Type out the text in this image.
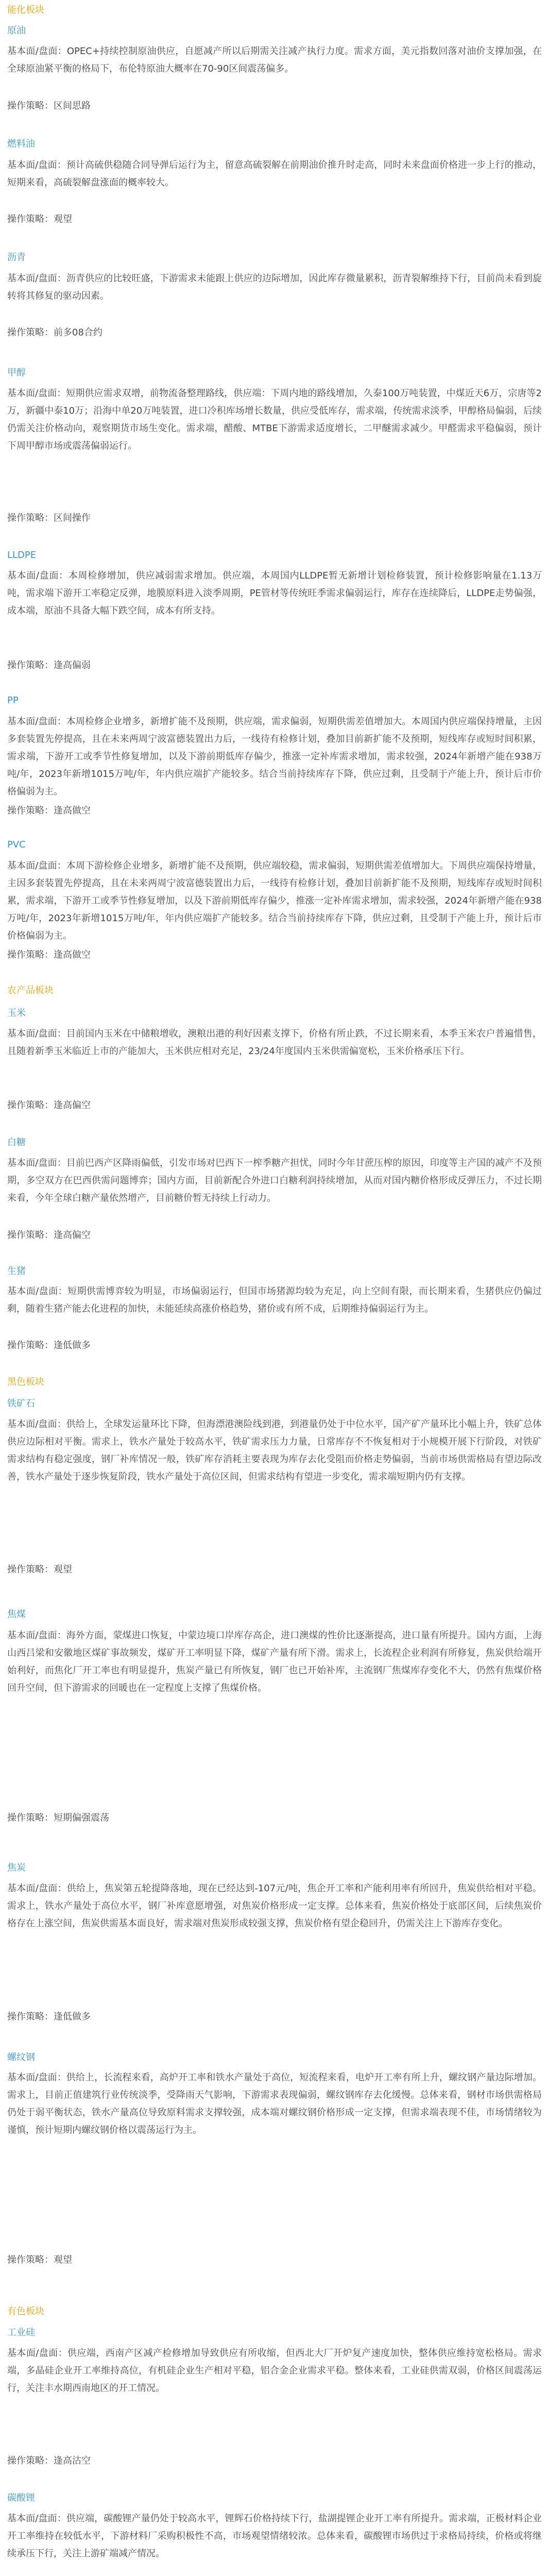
能化板块
原油
基本面/盘面：OPEC+持续控制原油供应，自愿减产所以后期需关注减产执行力度。需求方面，美元指数回落对油价支撑加强，在全球原油紧平衡的格局下，布伦特原油大概率在70-90区间震荡偏多。
操作策略：区间思路
燃料油
基本面/盘面：预计高硫供稳随合同导弹后运行为主，留意高硫裂解在前期油价推升时走高，同时未来盘面价格进一步上行的推动，短期来看，高硫裂解盘涨面的概率较大。
操作策略：观望
沥青
基本面/盘面：沥青供应的比较旺盛，下游需求未能跟上供应的边际增加，因此库存微量累积，沥青裂解维持下行，目前尚未看到旋转将其修复的驱动因素。
操作策略：前多08合约
甲醇
基本面/盘面：短期供应需求双增，前物流备整理路线，供应端：下周内地的路线增加，久泰100万吨装置，中煤近天6万，宗唐等2万，新疆中泰10万；沿海中单20万吨装置，进口冷积库场增长数量，供应受低库存，需求端，传统需求淡季，甲醇格局偏弱，后续仍需关注价格动向，观察期货市场生变化。需求端，醋酸、MTBE下游需求适度增长，二甲醚需求减少。甲醛需求平稳偏弱，预计下周甲醇市场或震荡偏弱运行。
操作策略：区间操作
LLDPE
基本面/盘面：本周检修增加，供应减弱需求增加。供应端，本周国内LLDPE暂无新增计划检修装置，预计检修影响量在1.13万吨，需求端下游开工率稳定反弹，地膜原料进入淡季周期，PE管材等传统旺季需求偏弱运行，库存在连续降后，LLDPE走势偏强，成本端，原油不具备大幅下跌空间，成本有所支持。
操作策略：逢高偏弱
PP
基本面/盘面：本周检修企业增多，新增扩能不及预期，供应端，需求偏弱，短期供需差值增加大。本周国内供应端保持增量，主因多套装置先停提高，且在未来两周宁波富德装置出力后，一线待有检修计划，叠加目前新扩能不及预期，短线库存或短时间积累，需求端，下游开工或季节性修复增加，以及下游前期低库存偏少，推涨一定补库需求增加，需求较强，2024年新增产能在938万吨/年，2023年新增1015万吨/年，年内供应端扩产能较多。结合当前持续库存下降，供应过剩，且受制于产能上升，预计后市价格偏弱为主。
操作策略：逢高做空
PVC
基本面/盘面：本周下游检修企业增多，新增扩能不及预期，供应端较稳，需求偏弱，短期供需差值增加大。下周供应端保持增量，主因多套装置先停提高，且在未来两周宁波富德装置出力后，一线待有检修计划，叠加目前新扩能不及预期，短线库存或短时间积累，需求端，下游开工或季节性修复增加，以及下游前期低库存偏少，推涨一定补库需求增加，需求较强，2024年新增产能在938万吨/年，2023年新增1015万吨/年，年内供应端扩产能较多。结合当前持续库存下降，供应过剩，且受制于产能上升，预计后市价格偏弱为主。
操作策略：逢高做空
农产品板块
玉米
基本面/盘面：目前国内玉米在中储粮增收，澳粮出港的利好因素支撑下，价格有所止跌，不过长期来看，本季玉米农户普遍惜售，且随着新季玉米临近上市的产能加大，玉米供应相对充足，23/24年度国内玉米供需偏宽松，玉米价格承压下行。
操作策略：逢高偏空
白糖
基本面/盘面：目前巴西产区降雨偏低，引发市场对巴西下一榨季糖产担忧，同时今年甘蔗压榨的原因，印度等主产国的减产不及预期，多空双方在巴西供需问题博弈；国内方面，目前新配合外进口白糖利润持续增加，从而对国内糖价格形成反弹压力，不过长期来看，今年全球白糖产量依然增产，目前糖价暂无持续上行动力。
操作策略：逢高偏空
生猪
基本面/盘面：短期供需博弈较为明显，市场偏弱运行，但国市场猪源均较为充足，向上空间有限，而长期来看，生猪供应仍偏过剩，随着生猪产能去化进程的加快，未能延续高涨价格趋势，猪价或有所不成，后期维持偏弱运行为主。
操作策略：逢低做多
黑色板块
铁矿石
基本面/盘面：供给上，全球发运量环比下降，但海漂港澳险线到港，到港量仍处于中位水平，国产矿产量环比小幅上升，铁矿总体供应边际相对平衡。需求上，铁水产量处于较高水平，铁矿需求压力力量，日常库存不不恢复相对于小规模开展下行阶段，对铁矿需求结构有稳定强度，钢厂补库情况一般，铁矿库存消耗主要表现为库存去化受阻而价格走势偏弱，当前市场供需格局有望边际改善，铁水产量处于逐步恢复阶段，铁水产量处于高位区间，但需求结构有望进一步变化，需求端短期内仍有支撑。
操作策略：观望
焦煤
基本面/盘面：海外方面，蒙煤进口恢复，中蒙边境口岸库存高企，进口澳煤的性价比逐渐提高，进口量有所提升。国内方面，上海山西吕梁和安徽地区煤矿事故频发，煤矿开工率明显下降，煤矿产量有所下滑。需求上，长流程企业利润有所修复，焦炭供给端开始利好，而焦化厂开工率也有明显提升，焦炭产量已有所恢复，钢厂也已开始补库，主流钢厂焦煤库存变化不大，仍然有焦煤价格回升空间，但下游需求的回暖也在一定程度上支撑了焦煤价格。
操作策略：短期偏强震荡
焦炭
基本面/盘面：供给上，焦炭第五轮提降落地，现在已经达到-107元/吨，焦企开工率和产能利用率有所回升，焦炭供给相对平稳。需求上，铁水产量处于高位水平，钢厂补库意愿增强，对焦炭价格形成一定支撑。总体来看，焦炭价格处于底部区间，后续焦炭价格存在上涨空间，焦炭供需基本面良好，需求端对焦炭形成较强支撑，焦炭价格有望企稳回升，仍需关注上下游库存变化。
操作策略：逢低做多
螺纹钢
基本面/盘面：供给上，长流程来看，高炉开工率和铁水产量处于高位，短流程来看，电炉开工率有所上升，螺纹钢产量边际增加。需求上，目前正值建筑行业传统淡季，受降雨天气影响，下游需求表现偏弱，螺纹钢库存去化缓慢。总体来看，钢材市场供需格局仍处于弱平衡状态，铁水产量高位导致原料需求支撑较强，成本端对螺纹钢价格形成一定支撑，但需求端表现不佳，市场情绪较为谨慎，预计短期内螺纹钢价格以震荡运行为主。
操作策略：观望
有色板块
工业硅
基本面/盘面：供应端，西南产区减产检修增加导致供应有所收缩，但西北大厂开炉复产速度加快，整体供应维持宽松格局。需求端，多晶硅企业开工率维持高位，有机硅企业生产相对平稳，铝合金企业需求平稳。整体来看，工业硅供需双弱，价格区间震荡运行，关注丰水期西南地区的开工情况。
操作策略：逢高沽空
碳酸锂
基本面/盘面：供应端，碳酸锂产量仍处于较高水平，锂辉石价格持续下行，盐湖提锂企业开工率有所提升。需求端，正极材料企业开工率维持在较低水平，下游材料厂采购积极性不高，市场观望情绪较浓。总体来看，碳酸锂市场供过于求格局持续，价格或将继续承压下行，关注上游矿端减产情况。
